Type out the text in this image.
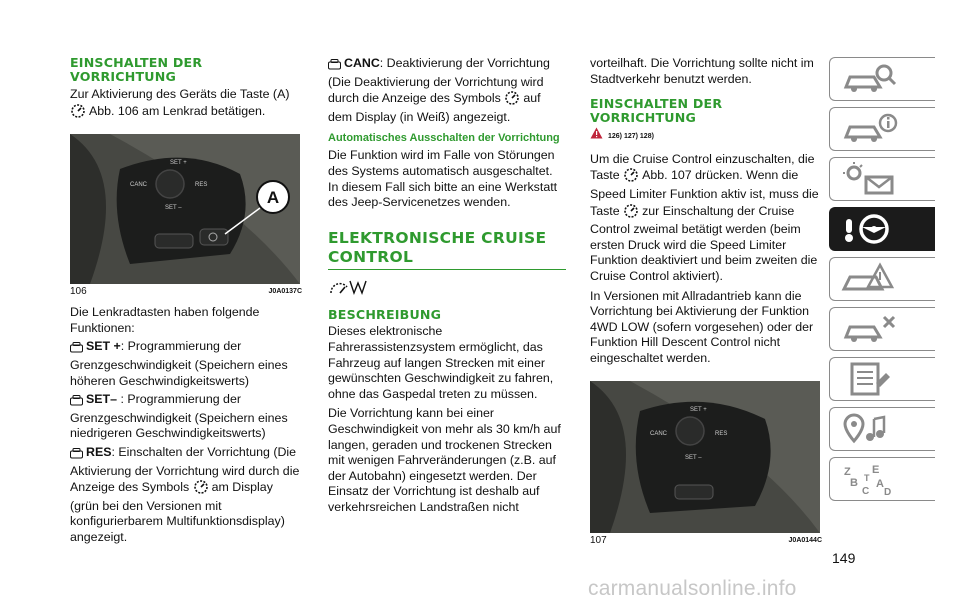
EINSCHALTEN DER VORRICHTUNG

Zur Aktivierung des Geräts die Taste (A)
Abb. 106 am Lenkrad betätigen.

A
SET +
CANC	RES
SET –
106	J0A0137C

Die Lenkradtasten haben folgende Funktionen:

SET +: Programmierung der Grenzgeschwindigkeit (Speichern eines höheren Geschwindigkeitswerts)

SET– : Programmierung der Grenzgeschwindigkeit (Speichern eines niedrigeren Geschwindigkeitswerts)

RES: Einschalten der Vorrichtung (Die Aktivierung der Vorrichtung wird durch die Anzeige des Symbols am Display (grün bei den Versionen mit konfigurierbarem Multifunktionsdisplay) angezeigt.

CANC: Deaktivierung der Vorrichtung (Die Deaktivierung der Vorrichtung wird durch die Anzeige des Symbols auf dem Display (in Weiß) angezeigt.

Automatisches Ausschalten der Vorrichtung

Die Funktion wird im Falle von Störungen des Systems automatisch ausgeschaltet. In diesem Fall sich bitte an eine Werkstatt des Jeep-Servicenetzes wenden.

ELEKTRONISCHE CRUISE CONTROL
BESCHREIBUNG

Dieses elektronische Fahrerassistenzsystem ermöglicht, das Fahrzeug auf langen Strecken mit einer gewünschten Geschwindigkeit zu fahren, ohne das Gaspedal treten zu müssen.

Die Vorrichtung kann bei einer Geschwindigkeit von mehr als 30 km/h auf langen, geraden und trockenen Strecken mit wenigen Fahrveränderungen (z.B. auf der Autobahn) eingesetzt werden. Der Einsatz der Vorrichtung ist deshalb auf verkehrsreichen Landstraßen nicht

vorteilhaft. Die Vorrichtung sollte nicht im Stadtverkehr benutzt werden.

EINSCHALTEN DER VORRICHTUNG
126) 127) 128)

Um die Cruise Control einzuschalten, die Taste Abb. 107 drücken. Wenn die Speed Limiter Funktion aktiv ist, muss die Taste zur Einschaltung der Cruise Control zweimal betätigt werden (beim ersten Druck wird die Speed Limiter Funktion deaktiviert und beim zweiten die Cruise Control aktiviert).

In Versionen mit Allradantrieb kann die Vorrichtung bei Aktivierung der Funktion 4WD LOW (sofern vorgesehen) oder der Funktion Hill Descent Control nicht eingeschaltet werden.

SET +
CANC	RES
SET –
107	J0A0144C
Z E
B A
C
T
D
149
carmanualsonline.info
